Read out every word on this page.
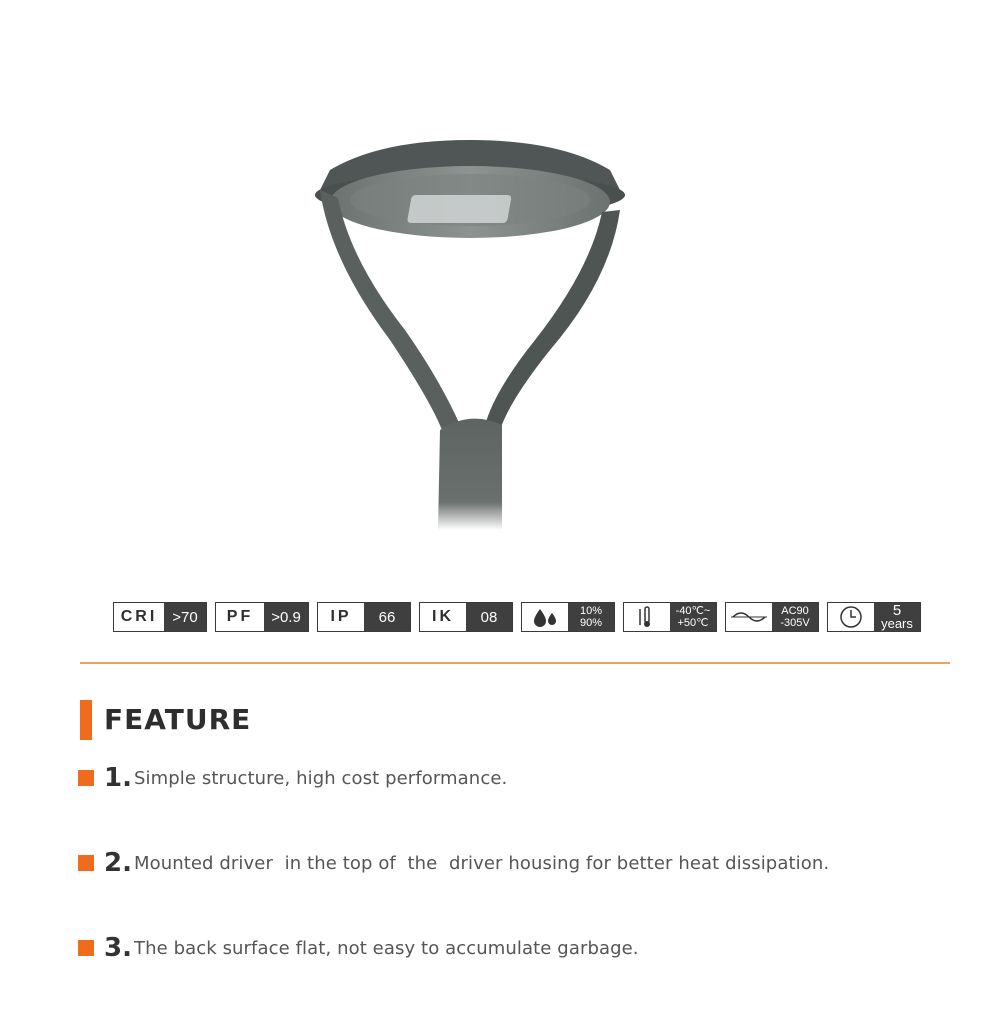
CRI >70	PF	>0.9	IP	66	IK	08	10%
90%
-40℃~
+50℃
AC90
-305V
5
years
FEATURE
1. Simple structure, high cost performance.
2. Mounted driver  in the top of  the  driver housing for better heat dissipation.
3. The back surface flat, not easy to accumulate garbage.
